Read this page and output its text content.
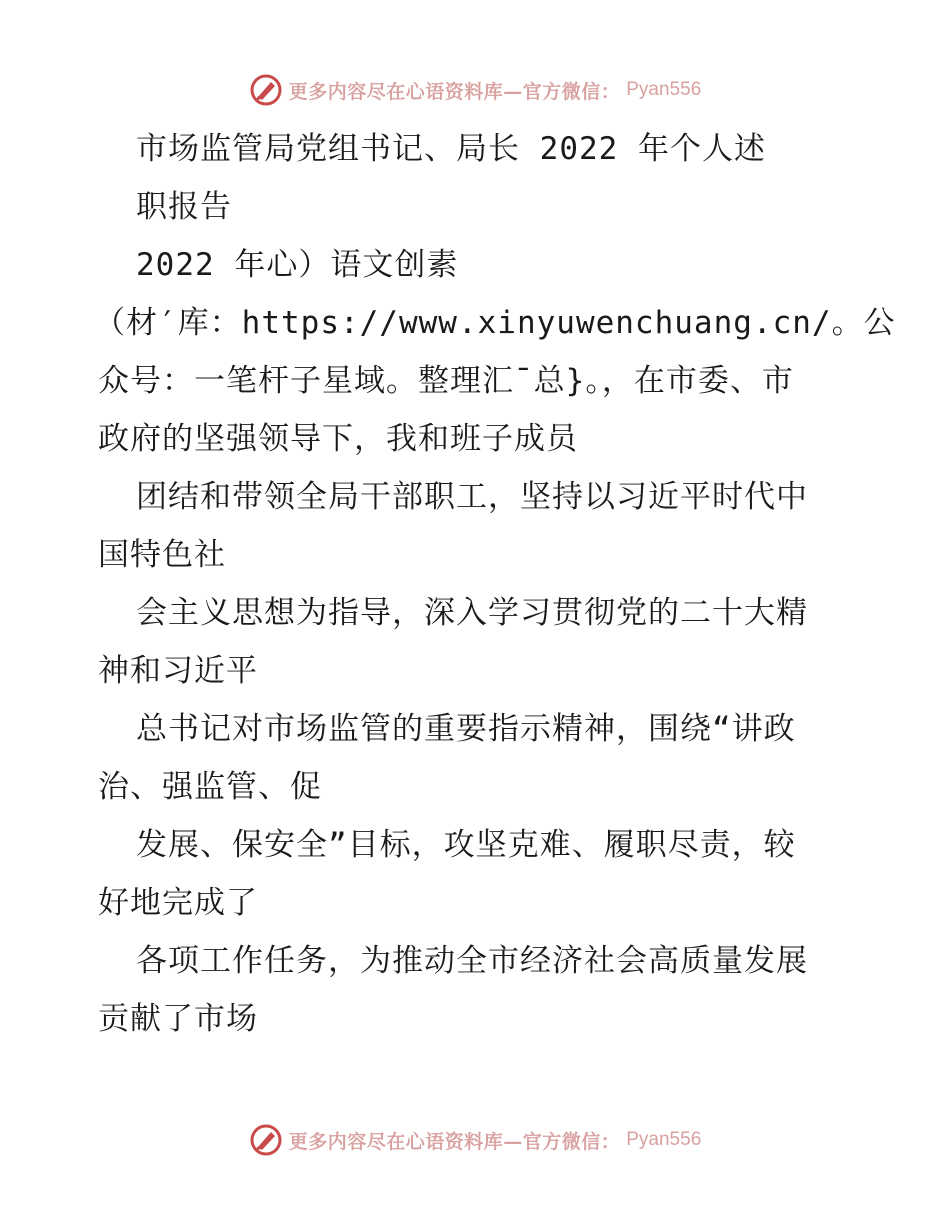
更多内容尽在心语资料库—官方微信： Pyan556
市场监管局党组书记、局长 2022 年个人述
职报告
2022 年心）语文创素
（材′库：https://www.xinyuwenchuang.cn/。公
众号：一笔杆子星域。整理汇¯总}。，在市委、市
政府的坚强领导下，我和班子成员
团结和带领全局干部职工，坚持以习近平时代中
国特色社
会主义思想为指导，深入学习贯彻党的二十大精
神和习近平
总书记对市场监管的重要指示精神，围绕“讲政
治、强监管、促
发展、保安全”目标，攻坚克难、履职尽责，较
好地完成了
各项工作任务，为推动全市经济社会高质量发展
贡献了市场
更多内容尽在心语资料库—官方微信： Pyan556
